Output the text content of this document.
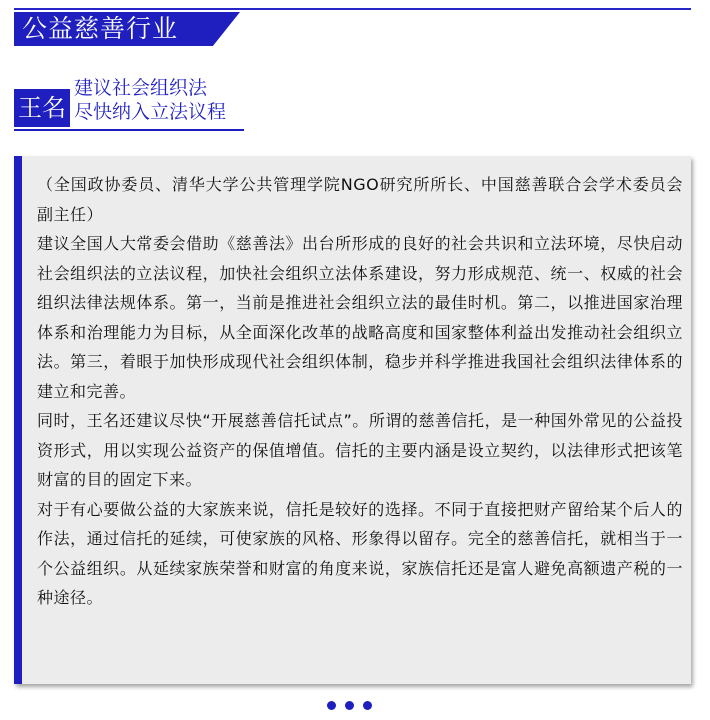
公益慈善行业
王名
建议社会组织法
尽快纳入立法议程

（全国政协委员、清华大学公共管理学院NGO研究所所长、中国慈善联合会学术委员会副主任）

建议全国人大常委会借助《慈善法》出台所形成的良好的社会共识和立法环境，尽快启动社会组织法的立法议程，加快社会组织立法体系建设，努力形成规范、统一、权威的社会组织法律法规体系。第一，当前是推进社会组织立法的最佳时机。第二，以推进国家治理体系和治理能力为目标，从全面深化改革的战略高度和国家整体利益出发推动社会组织立法。第三，着眼于加快形成现代社会组织体制，稳步并科学推进我国社会组织法律体系的建立和完善。

同时，王名还建议尽快“开展慈善信托试点”。所谓的慈善信托，是一种国外常见的公益投资形式，用以实现公益资产的保值增值。信托的主要内涵是设立契约，以法律形式把该笔财富的目的固定下来。

对于有心要做公益的大家族来说，信托是较好的选择。不同于直接把财产留给某个后人的作法，通过信托的延续，可使家族的风格、形象得以留存。完全的慈善信托，就相当于一个公益组织。从延续家族荣誉和财富的角度来说，家族信托还是富人避免高额遗产税的一种途径。
